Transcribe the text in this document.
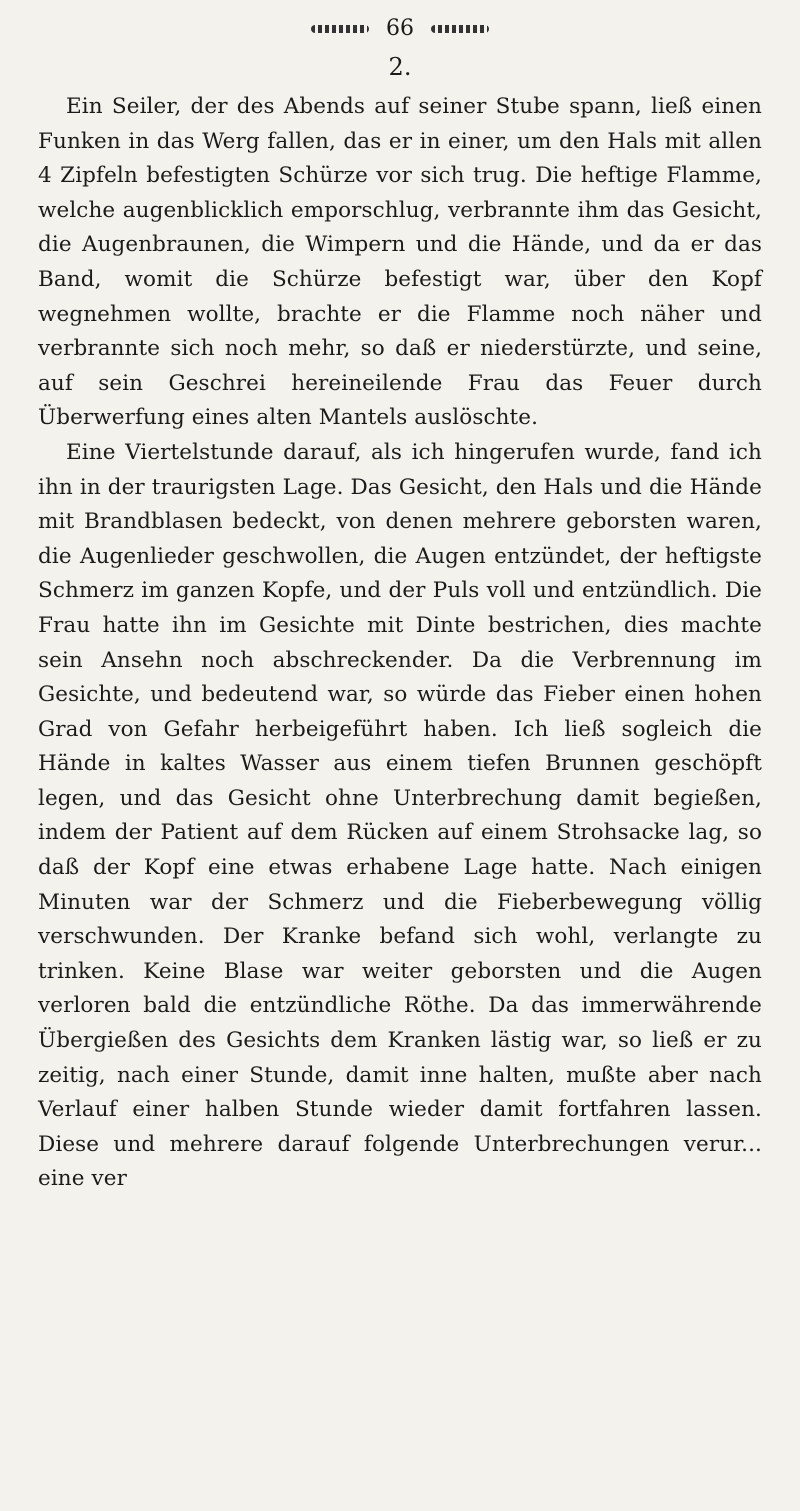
66
2.

Ein Seiler, der des Abends auf seiner Stube spann, ließ einen Funken in das Werg fallen, das er in einer, um den Hals mit allen 4 Zipfeln befestigten Schürze vor sich trug. Die heftige Flamme, welche augenblicklich emporschlug, verbrannte ihm das Gesicht, die Augenbraunen, die Wimpern und die Hände, und da er das Band, womit die Schürze befestigt war, über den Kopf wegnehmen wollte, brachte er die Flamme noch näher und verbrannte sich noch mehr, so daß er niederstürzte, und seine, auf sein Geschrei hereineilende Frau das Feuer durch Überwerfung eines alten Mantels auslöschte.

Eine Viertelstunde darauf, als ich hingerufen wurde, fand ich ihn in der traurigsten Lage. Das Gesicht, den Hals und die Hände mit Brandblasen bedeckt, von denen mehrere geborsten waren, die Augenlieder geschwollen, die Augen entzündet, der heftigste Schmerz im ganzen Kopfe, und der Puls voll und entzündlich. Die Frau hatte ihn im Gesichte mit Dinte bestrichen, dies machte sein Ansehn noch abschreckender. Da die Verbrennung im Gesichte, und bedeutend war, so würde das Fieber einen hohen Grad von Gefahr herbeigeführt haben. Ich ließ sogleich die Hände in kaltes Wasser aus einem tiefen Brunnen geschöpft legen, und das Gesicht ohne Unterbrechung damit begießen, indem der Patient auf dem Rücken auf einem Strohsacke lag, so daß der Kopf eine etwas erhabene Lage hatte. Nach einigen Minuten war der Schmerz und die Fieberbewegung völlig verschwunden. Der Kranke befand sich wohl, verlangte zu trinken. Keine Blase war weiter geborsten und die Augen verloren bald die entzündliche Röthe. Da das immerwährende Übergießen des Gesichts dem Kranken lästig war, so ließ er zu zeitig, nach einer Stunde, damit inne halten, mußte aber nach Verlauf einer halben Stunde wieder damit fortfahren lassen. Diese und mehrere darauf folgende Unterbrechungen verur... eine ver
